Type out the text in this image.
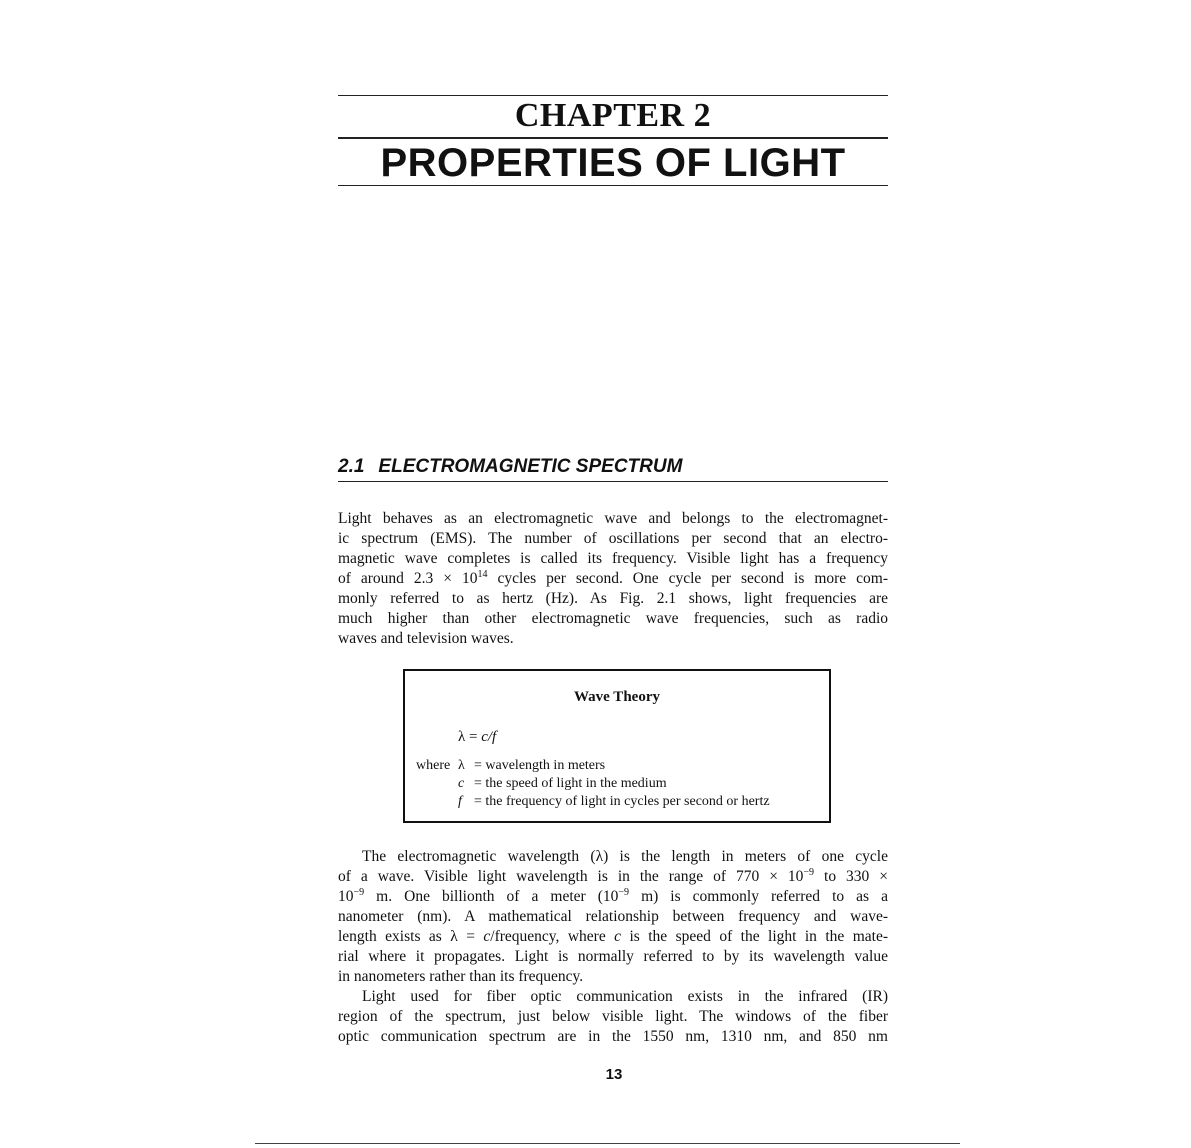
CHAPTER 2
PROPERTIES OF LIGHT
2.1 ELECTROMAGNETIC SPECTRUM
Light behaves as an electromagnetic wave and belongs to the electromagnet-
ic spectrum (EMS). The number of oscillations per second that an electro-
magnetic wave completes is called its frequency. Visible light has a frequency
of around $2.3 \times 10^{14}$ cycles per second. One cycle per second is more com-
monly referred to as hertz (Hz). As Fig. 2.1 shows, light frequencies are
much higher than other electromagnetic wave frequencies, such as radio
waves and television waves.
Wave Theory
λ = c/f
where λ = wavelength in meters
c = the speed of light in the medium
f = the frequency of light in cycles per second or hertz
The electromagnetic wavelength (λ) is the length in meters of one cycle
of a wave. Visible light wavelength is in the range of $770 \times 10^{-9}$ to 330 ×
$10^{-9}$ m. One billionth of a meter ($10^{-9}$ m) is commonly referred to as a
nanometer (nm). A mathematical relationship between frequency and wave-
length exists as λ = c/frequency, where c is the speed of the light in the mate-
rial where it propagates. Light is normally referred to by its wavelength value
in nanometers rather than its frequency.
Light used for fiber optic communication exists in the infrared (IR)
region of the spectrum, just below visible light. The windows of the fiber
optic communication spectrum are in the 1550 nm, 1310 nm, and 850 nm
13
